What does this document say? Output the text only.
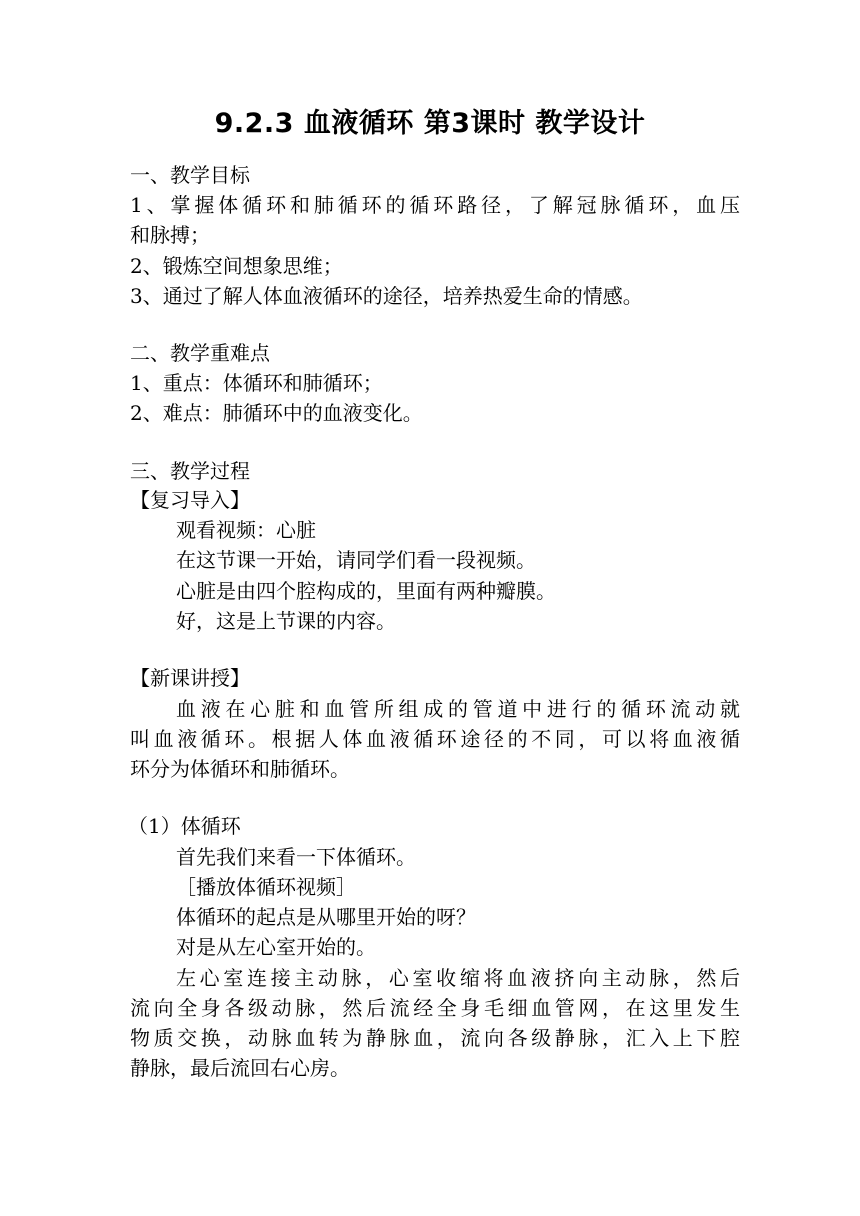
9.2.3 血液循环 第3课时 教学设计
一、教学目标
1、掌握体循环和肺循环的循环路径，了解冠脉循环，血压
和脉搏；
2、锻炼空间想象思维；
3、通过了解人体血液循环的途径，培养热爱生命的情感。
二、教学重难点
1、重点：体循环和肺循环；
2、难点：肺循环中的血液变化。
三、教学过程
【复习导入】
观看视频：心脏
在这节课一开始，请同学们看一段视频。
心脏是由四个腔构成的，里面有两种瓣膜。
好，这是上节课的内容。
【新课讲授】
血液在心脏和血管所组成的管道中进行的循环流动就
叫血液循环。根据人体血液循环途径的不同，可以将血液循
环分为体循环和肺循环。
（1）体循环
首先我们来看一下体循环。
［播放体循环视频］
体循环的起点是从哪里开始的呀？
对是从左心室开始的。
左心室连接主动脉，心室收缩将血液挤向主动脉，然后
流向全身各级动脉，然后流经全身毛细血管网，在这里发生
物质交换，动脉血转为静脉血，流向各级静脉，汇入上下腔
静脉，最后流回右心房。
